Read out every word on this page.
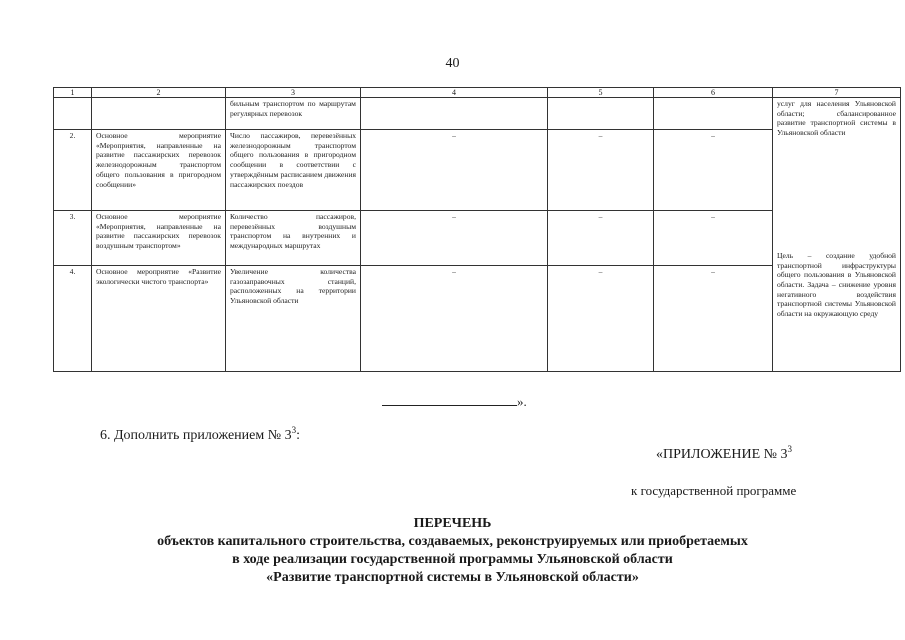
40
1	2	3	4	5	6	7
		бильным транспортом по маршрутам регулярных перевозок				услуг для населения Ульяновской области; сбалансированное развитие транспортной системы в Ульяновской области
Цель – создание удобной транспортной инфраструктуры общего пользования в Ульяновской области. Задача – снижение уровня негативного воздействия транспортной системы Ульяновской области на окружающую среду

2.	Основное мероприятие «Мероприятия, направленные на развитие пассажирских перевозок железнодорожным транспортом общего пользования в пригородном сообщении»	Число пассажиров, перевезённых железнодорожным транспортом общего пользования в пригородном сообщении в соответствии с утверждённым расписанием движения пассажирских поездов	–	–	–	
3.	Основное мероприятие «Мероприятия, направленные на развитие пассажирских перевозок воздушным транспортом»	Количество пассажиров, перевезённых воздушным транспортом на внутренних и международных маршрутах	–	–	–	
4.	Основное мероприятие «Развитие экологически чистого транспорта»	Увеличение количества газозаправочных станций, расположенных на территории Ульяновской области	–	–	–	
».
6. Дополнить приложением № $3^3$:
«ПРИЛОЖЕНИЕ № $3^3$
к государственной программе
ПЕРЕЧЕНЬ
объектов капитального строительства, создаваемых, реконструируемых или приобретаемых
в ходе реализации государственной программы Ульяновской области
«Развитие транспортной системы в Ульяновской области»
